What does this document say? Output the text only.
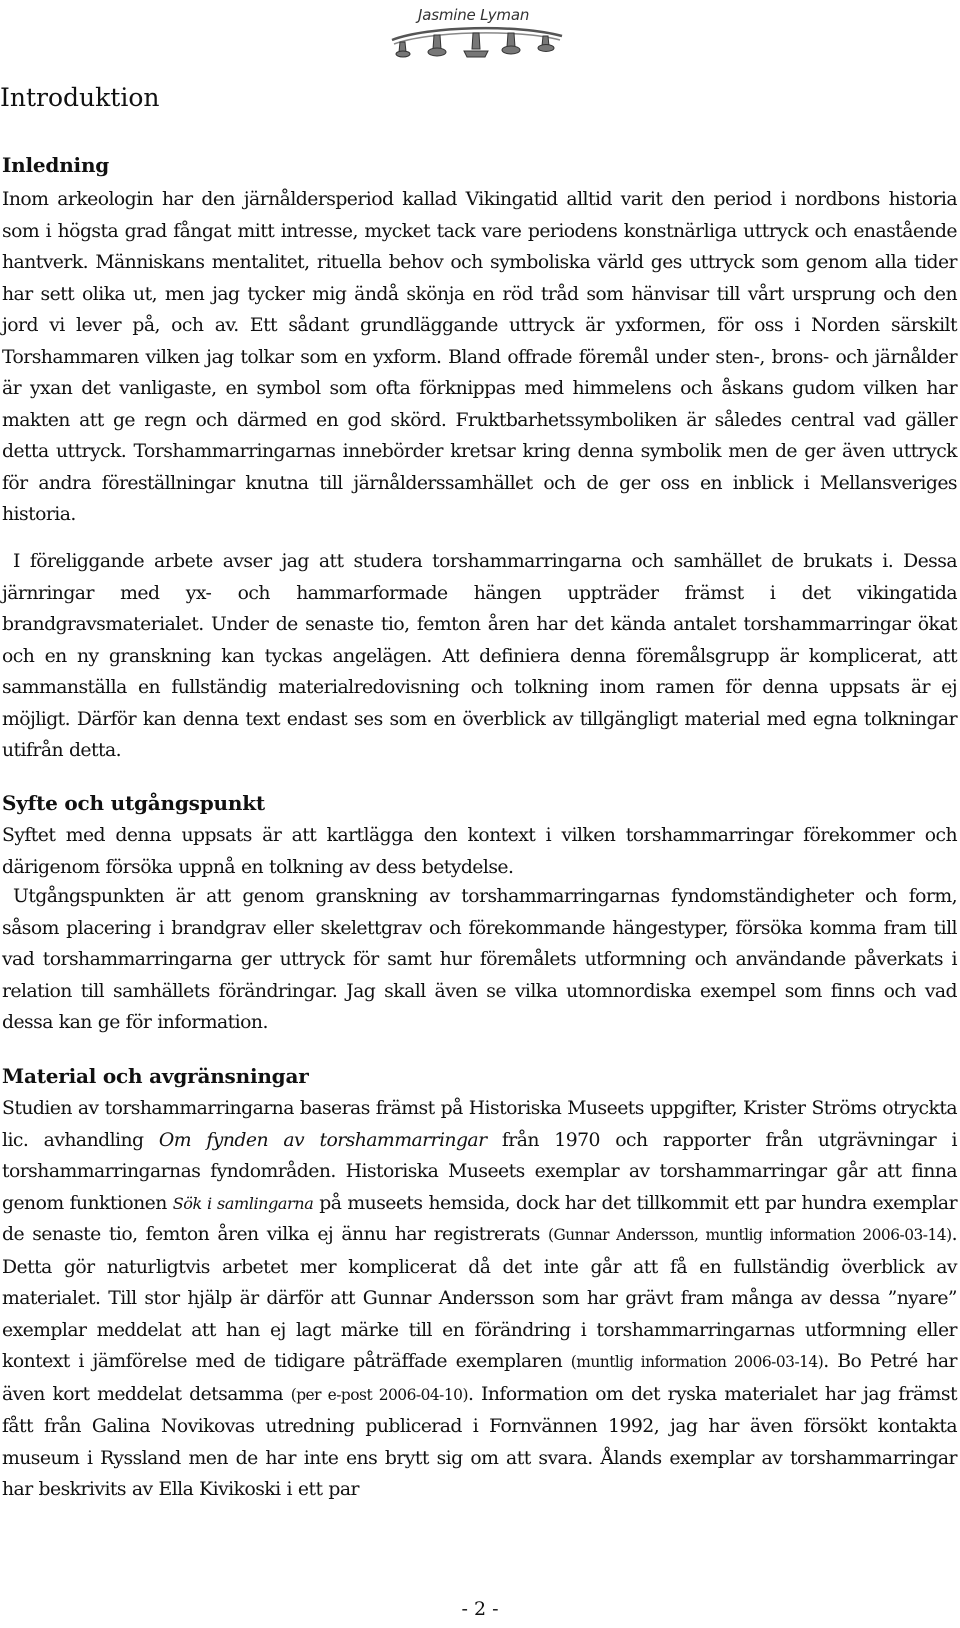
Jasmine Lyman
Introduktion
Inledning

Inom arkeologin har den järnåldersperiod kallad Vikingatid alltid varit den period i nordbons historia som i högsta grad fångat mitt intresse, mycket tack vare periodens konstnärliga uttryck och enastående hantverk. Människans mentalitet, rituella behov och symboliska värld ges uttryck som genom alla tider har sett olika ut, men jag tycker mig ändå skönja en röd tråd som hänvisar till vårt ursprung och den jord vi lever på, och av. Ett sådant grundläggande uttryck är yxformen, för oss i Norden särskilt Torshammaren vilken jag tolkar som en yxform. Bland offrade föremål under sten-, brons- och järnålder är yxan det vanligaste, en symbol som ofta förknippas med himmelens och åskans gudom vilken har makten att ge regn och därmed en god skörd. Fruktbarhetssymboliken är således central vad gäller detta uttryck. Torshammarringarnas innebörder kretsar kring denna symbolik men de ger även uttryck för andra föreställningar knutna till järnålderssamhället och de ger oss en inblick i Mellansveriges historia.

I föreliggande arbete avser jag att studera torshammarringarna och samhället de brukats i. Dessa järnringar med yx- och hammarformade hängen uppträder främst i det vikingatida brandgravsmaterialet. Under de senaste tio, femton åren har det kända antalet torshammarringar ökat och en ny granskning kan tyckas angelägen. Att definiera denna föremålsgrupp är komplicerat, att sammanställa en fullständig materialredovisning och tolkning inom ramen för denna uppsats är ej möjligt. Därför kan denna text endast ses som en överblick av tillgängligt material med egna tolkningar utifrån detta.

Syfte och utgångspunkt

Syftet med denna uppsats är att kartlägga den kontext i vilken torshammarringar förekommer och därigenom försöka uppnå en tolkning av dess betydelse.

Utgångspunkten är att genom granskning av torshammarringarnas fyndomständigheter och form, såsom placering i brandgrav eller skelettgrav och förekommande hängestyper, försöka komma fram till vad torshammarringarna ger uttryck för samt hur föremålets utformning och användande påverkats i relation till samhällets förändringar. Jag skall även se vilka utomnordiska exempel som finns och vad dessa kan ge för information.

Material och avgränsningar

Studien av torshammarringarna baseras främst på Historiska Museets uppgifter, Krister Ströms otryckta lic. avhandling Om fynden av torshammarringar från 1970 och rapporter från utgrävningar i torshammarringarnas fyndområden. Historiska Museets exemplar av torshammarringar går att finna genom funktionen Sök i samlingarna på museets hemsida, dock har det tillkommit ett par hundra exemplar de senaste tio, femton åren vilka ej ännu har registrerats (Gunnar Andersson, muntlig information 2006-03-14). Detta gör naturligtvis arbetet mer komplicerat då det inte går att få en fullständig överblick av materialet. Till stor hjälp är därför att Gunnar Andersson som har grävt fram många av dessa ”nyare” exemplar meddelat att han ej lagt märke till en förändring i torshammarringarnas utformning eller kontext i jämförelse med de tidigare påträffade exemplaren (muntlig information 2006-03-14). Bo Petré har även kort meddelat detsamma (per e-post 2006-04-10). Information om det ryska materialet har jag främst fått från Galina Novikovas utredning publicerad i Fornvännen 1992, jag har även försökt kontakta museum i Ryssland men de har inte ens brytt sig om att svara. Ålands exemplar av torshammarringar har beskrivits av Ella Kivikoski i ett par

- 2 -
